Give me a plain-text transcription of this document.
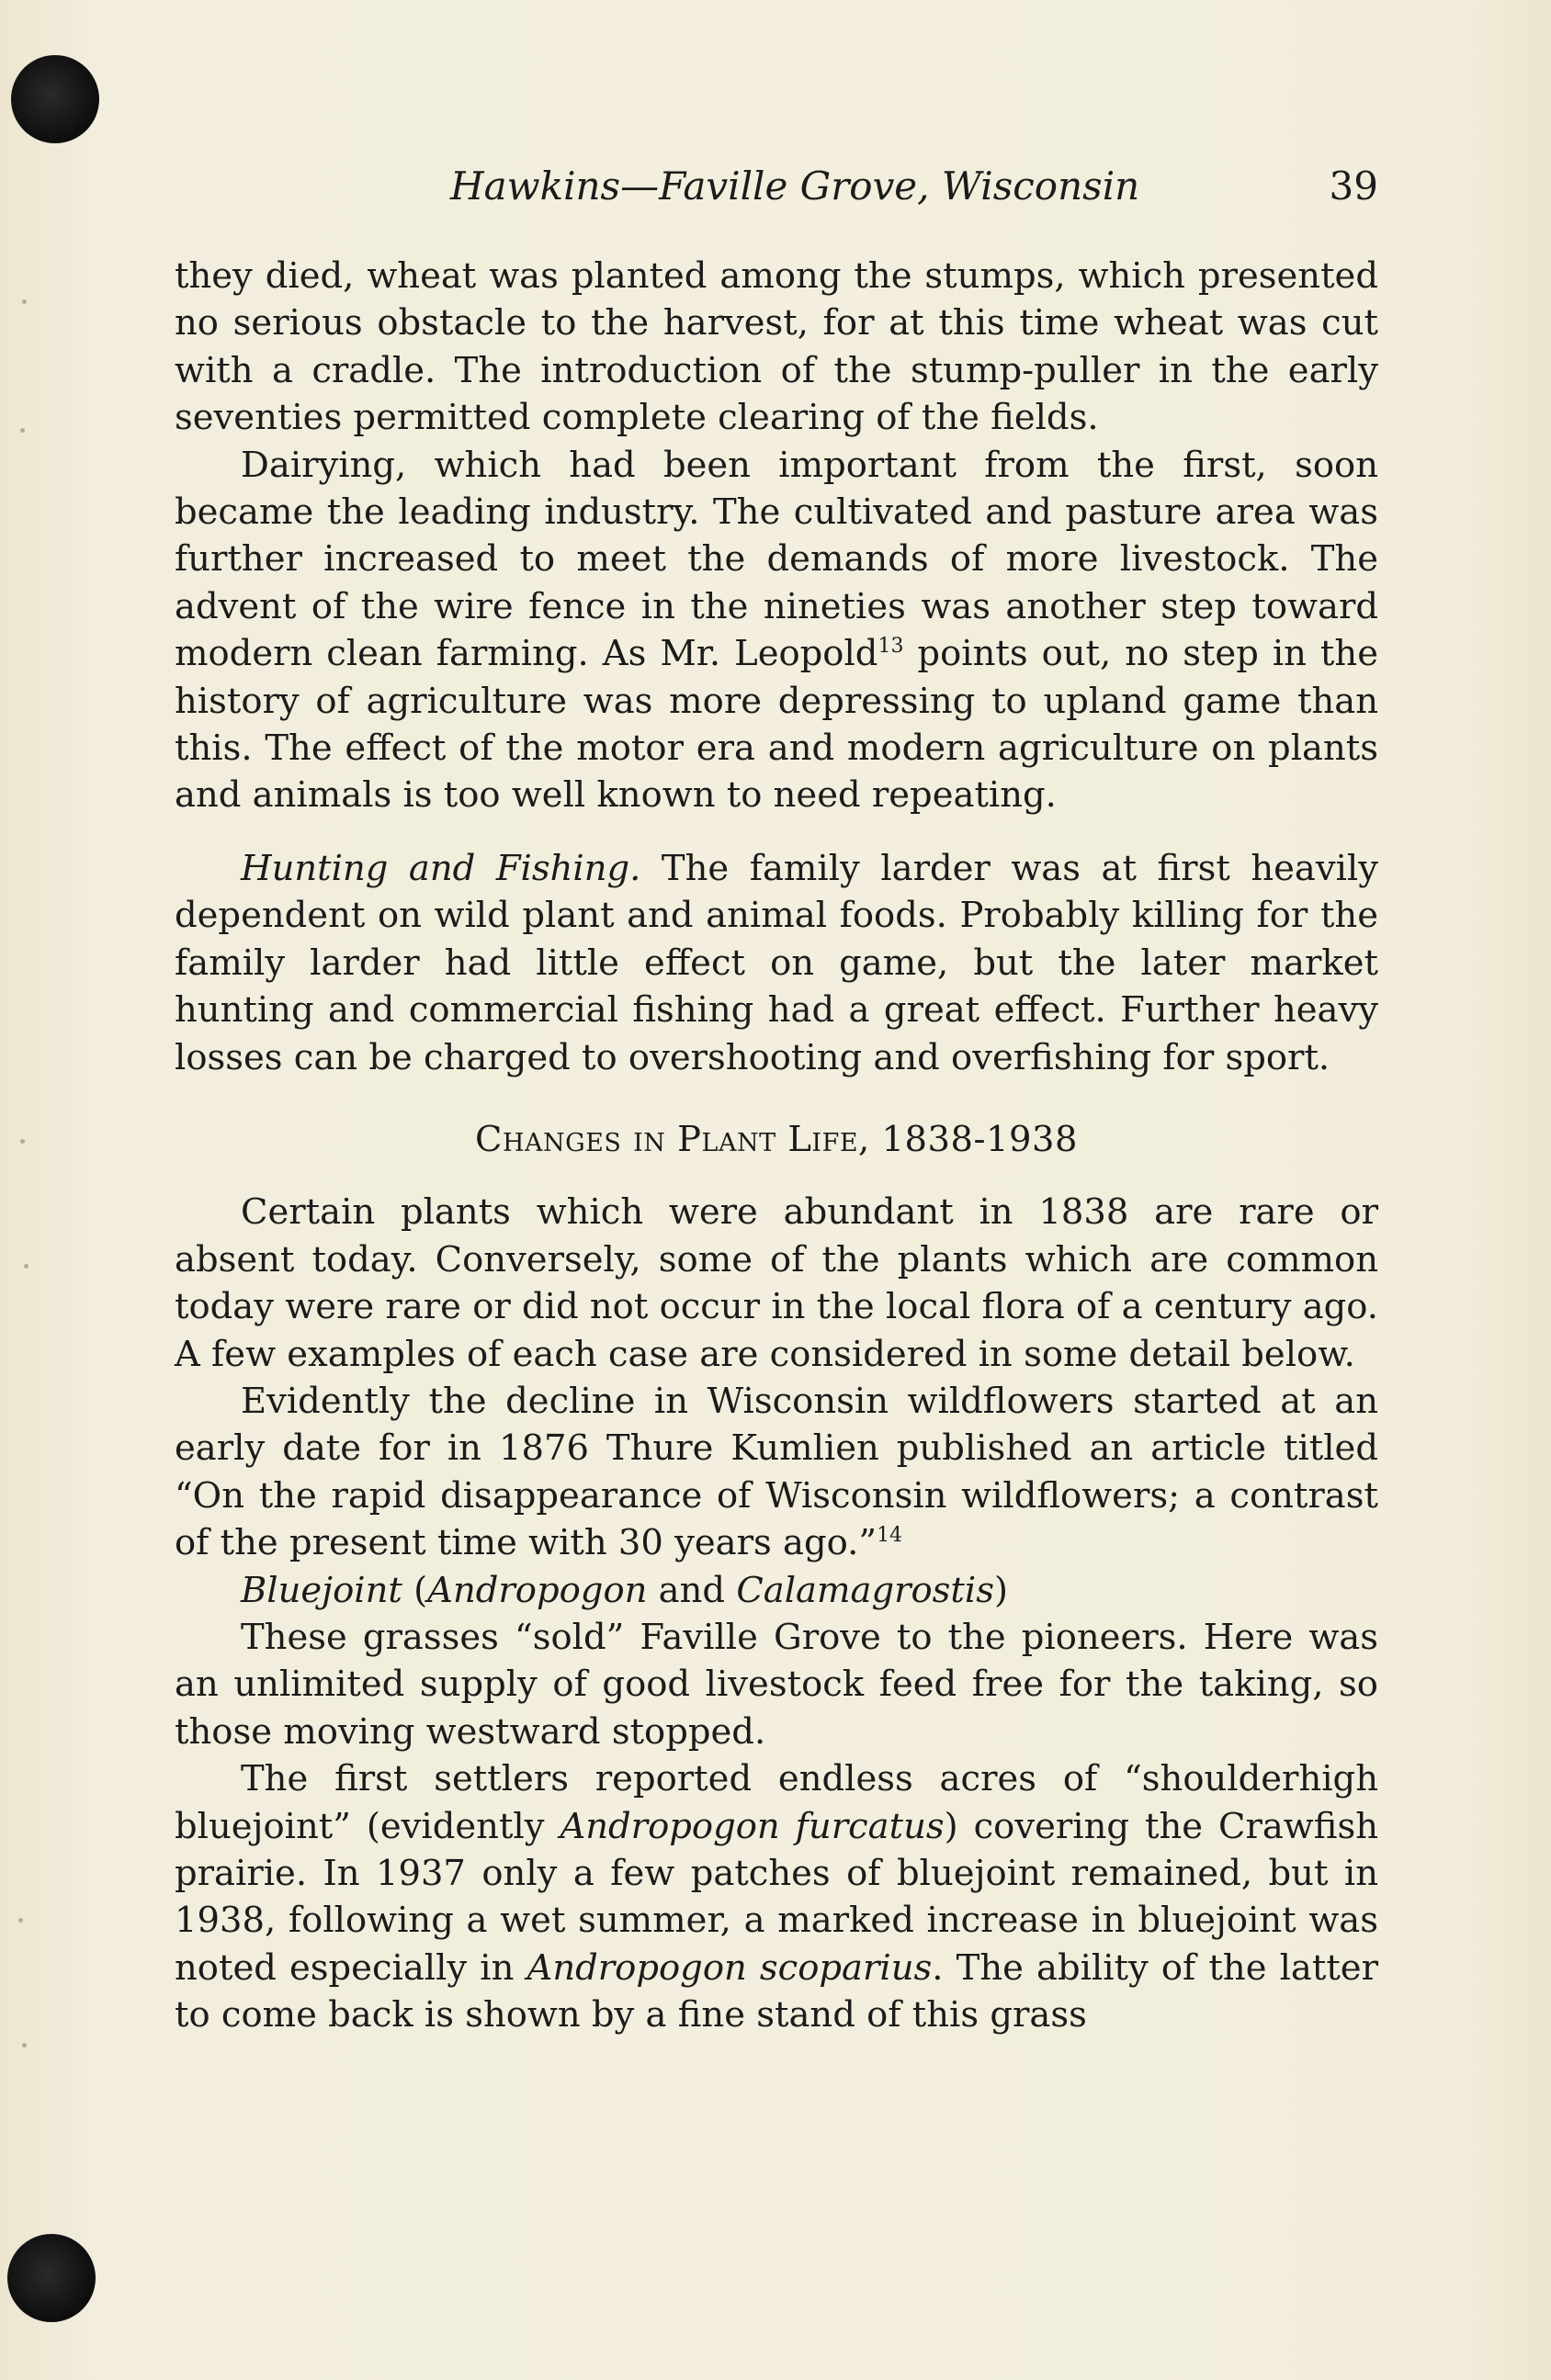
Hawkins—Faville Grove, Wisconsin	39

they died, wheat was planted among the stumps, which presented no serious obstacle to the harvest, for at this time wheat was cut with a cradle. The introduction of the stump-puller in the early seventies permitted complete clearing of the fields.

Dairying, which had been important from the first, soon became the leading industry. The cultivated and pasture area was further increased to meet the demands of more livestock. The advent of the wire fence in the nineties was another step toward modern clean farming. As Mr. Leopold$^{13}$ points out, no step in the history of agriculture was more depressing to upland game than this. The effect of the motor era and modern agriculture on plants and animals is too well known to need repeating.

Hunting and Fishing. The family larder was at first heavily dependent on wild plant and animal foods. Probably killing for the family larder had little effect on game, but the later market hunting and commercial fishing had a great effect. Further heavy losses can be charged to overshooting and overfishing for sport.

Changes in Plant Life, 1838-1938

Certain plants which were abundant in 1838 are rare or absent today. Conversely, some of the plants which are common today were rare or did not occur in the local flora of a century ago. A few examples of each case are considered in some detail below.

Evidently the decline in Wisconsin wildflowers started at an early date for in 1876 Thure Kumlien published an article titled “On the rapid disappearance of Wisconsin wildflowers; a contrast of the present time with 30 years ago.”$^{14}$

Bluejoint (Andropogon and Calamagrostis)

These grasses “sold” Faville Grove to the pioneers. Here was an unlimited supply of good livestock feed free for the taking, so those moving westward stopped.

The first settlers reported endless acres of “shoulderhigh bluejoint” (evidently Andropogon furcatus) covering the Crawfish prairie. In 1937 only a few patches of bluejoint remained, but in 1938, following a wet summer, a marked increase in bluejoint was noted especially in Andropogon scoparius. The ability of the latter to come back is shown by a fine stand of this grass
